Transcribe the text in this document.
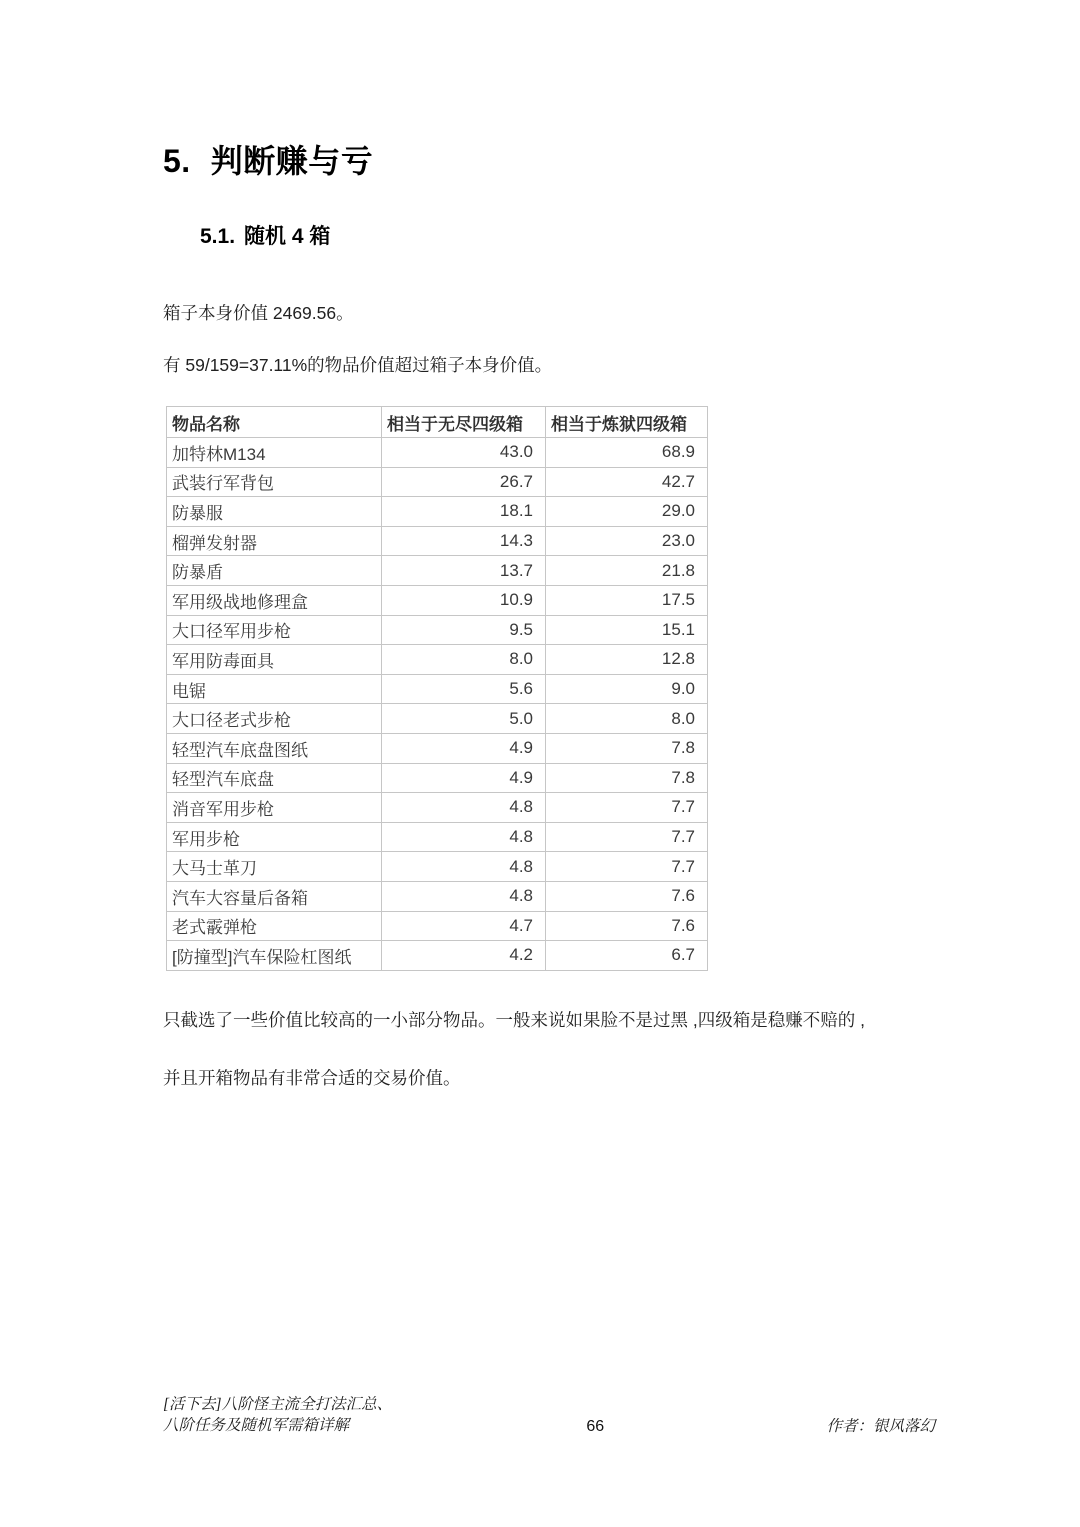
5. 判断赚与亏
5.1. 随机 4 箱
箱子本身价值 2469.56。
有 59/159=37.11%的物品价值超过箱子本身价值。
物品名称	相当于无尽四级箱	相当于炼狱四级箱
加特林M134	43.0	68.9
武装行军背包	26.7	42.7
防暴服	18.1	29.0
榴弹发射器	14.3	23.0
防暴盾	13.7	21.8
军用级战地修理盒	10.9	17.5
大口径军用步枪	9.5	15.1
军用防毒面具	8.0	12.8
电锯	5.6	9.0
大口径老式步枪	5.0	8.0
轻型汽车底盘图纸	4.9	7.8
轻型汽车底盘	4.9	7.8
消音军用步枪	4.8	7.7
军用步枪	4.8	7.7
大马士革刀	4.8	7.7
汽车大容量后备箱	4.8	7.6
老式霰弹枪	4.7	7.6
[防撞型]汽车保险杠图纸	4.2	6.7
只截选了一些价值比较高的一小部分物品。一般来说如果脸不是过黑 ,四级箱是稳赚不赔的 ,
并且开箱物品有非常合适的交易价值。
[活下去]八阶怪主流全打法汇总、
八阶任务及随机军需箱详解	66	作者：银风落幻
